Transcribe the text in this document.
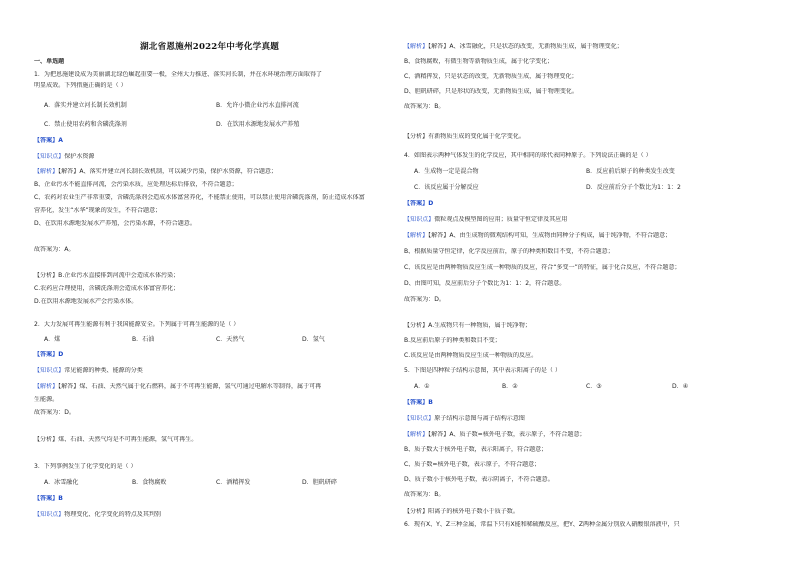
湖北省恩施州2022年中考化学真题
一、单选题
1．为把恩施建设成为美丽湖北绿色崛起重要一极，全州大力推进、落实河长制，并在水环境治理方面取得了
明显成效。下列措施正确的是（ ）
A．落实并建立河长制长效机制	B．允许小微企业污水直排河流
C．禁止使用农药和含磷洗涤剂	D．在饮用水源地发展水产养殖
【答案】A
【知识点】保护水资源
【解析】【解答】A、落实并建立河长制长效机制，可以减少污染，保护水资源，符合题意；
B、企业污水不能直排河流，会污染水质，应处理达标后排放，不符合题意；
C、农药对农业生产非常重要，含磷洗涤剂会造成水体富营养化，不能禁止使用，可以禁止使用含磷洗涤剂，防止造成水体富
营养化，发生“水华”现象的发生，不符合题意；
D、在饮用水源地发展水产养殖，会污染水源，不符合题意。
故答案为：A。
【分析】B.企业污水直接排到河流中会造成水体污染；
C.农药应合理使用，含磷洗涤剂会造成水体富营养化；
D.在饮用水源地发展水产会污染水体。
2．大力发展可再生能源有利于我国能源安全。下列属于可再生能源的是（ ）
A．煤	B．石油	C．天然气	D．氢气
【答案】D
【知识点】常见能源的种类、能源的分类
【解析】【解答】煤、石油、天然气属于化石燃料，属于不可再生能源，氢气可通过电解水等制得，属于可再
生能源。
故答案为：D。
【分析】煤、石油、天然气均是不可再生能源，氢气可再生。
3．下列事例发生了化学变化的是（ ）
A．冰雪融化	B．食物腐败	C．酒精挥发	D．胆矾研碎
【答案】B
【知识点】物理变化、化学变化的特点及其判别
【解析】【解答】A、冰雪融化，只是状态的改变，无新物质生成，属于物理变化；
B、食物腐败，有微生物等新物质生成，属于化学变化；
C、酒精挥发，只是状态的改变，无新物质生成，属于物理变化；
D、胆矾研碎，只是形状的改变，无新物质生成，属于物理变化。
故答案为：B。
【分析】有新物质生成的变化属于化学变化。
4．如图表示两种气体发生的化学反应，其中相同的球代表同种原子。下列说法正确的是（ ）
A．生成物一定是混合物	B．反应前后原子的种类发生改变
C．该反应属于分解反应	D．反应前后分子个数比为1：1：2
【答案】D
【知识点】微粒观点及模型图的应用；质量守恒定律及其应用
【解析】【解答】A、由生成物的微观结构可知，生成物由同种分子构成，属于纯净物，不符合题意；
B、根据质量守恒定律，化学反应前后，原子的种类和数目不变，不符合题意；
C、该反应是由两种物质反应生成一种物质的反应，符合“多变一”的特征，属于化合反应，不符合题意；
D、由图可知，反应前后分子个数比为1：1：2，符合题意。
故答案为：D。
【分析】A.生成物只有一种物质，属于纯净物；
B.反应前后原子的种类和数目不变；
C.该反应是由两种物质反应生成一种物质的反应。
5．下图是四种粒子结构示意图，其中表示阳离子的是（ ）
A．①	B．②	C．③	D．④
【答案】B
【知识点】原子结构示意图与离子结构示意图
【解析】【解答】A、质子数=核外电子数，表示原子，不符合题意；
B、质子数大于核外电子数，表示阳离子，符合题意；
C、质子数=核外电子数，表示原子，不符合题意；
D、质子数小于核外电子数，表示阴离子，不符合题意。
故答案为：B。
【分析】阳离子的核外电子数小于质子数。
6．现有X、Y、Z三种金属，常温下只有X能和稀硫酸反应，把Y、Z两种金属分别放入硝酸银溶液中，只
